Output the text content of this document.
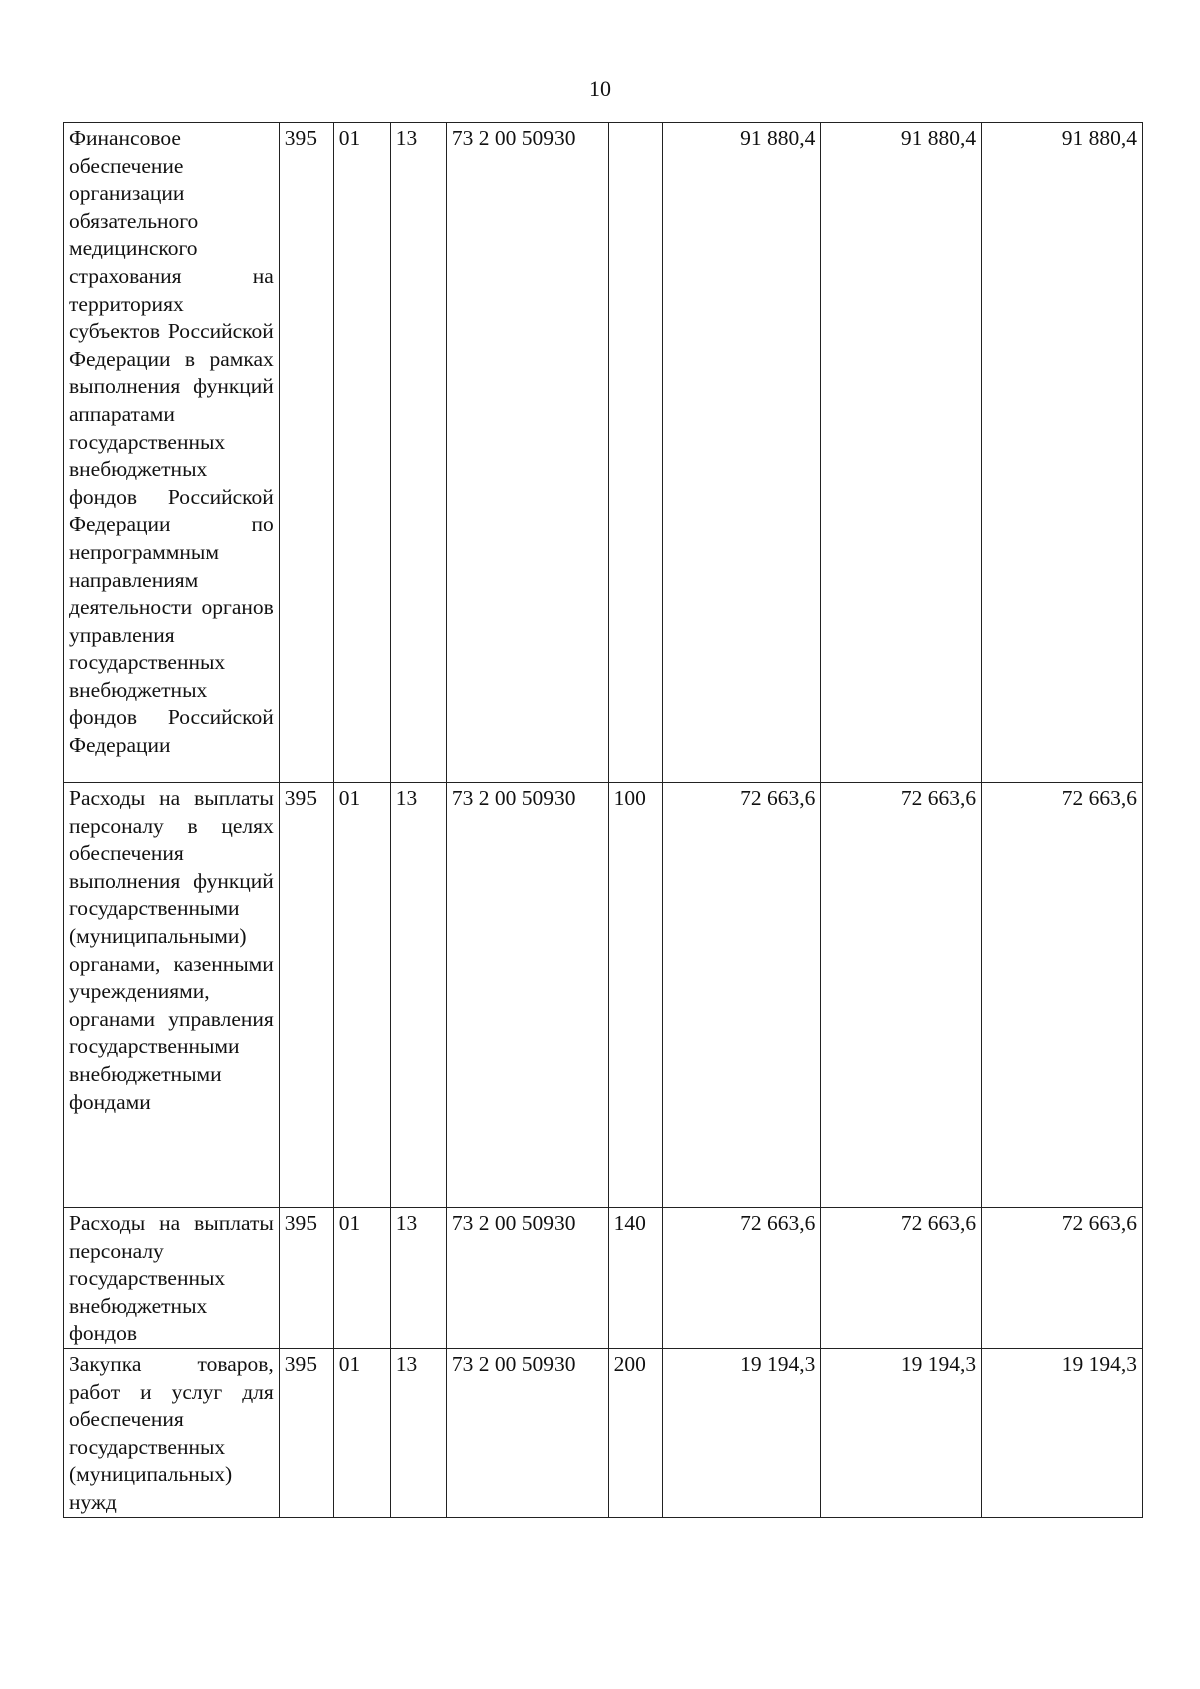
10
Финансовое обеспечение организации обязательного медицинского страхования на территориях субъектов Российской Федерации в рамках выполнения функций аппаратами государственных внебюджетных фондов Российской Федерации по непрограммным направлениям деятельности органов управления государственных внебюджетных фондов Российской Федерации	395	01	13	73 2 00 50930		91 880,4	91 880,4	91 880,4
Расходы на выплаты персоналу в целях обеспечения выполнения функций государственными (муниципальными) органами, казенными учреждениями, органами управления государственными внебюджетными фондами	395	01	13	73 2 00 50930	100	72 663,6	72 663,6	72 663,6
Расходы на выплаты персоналу государственных внебюджетных фондов	395	01	13	73 2 00 50930	140	72 663,6	72 663,6	72 663,6
Закупка товаров, работ и услуг для обеспечения государственных (муниципальных) нужд	395	01	13	73 2 00 50930	200	19 194,3	19 194,3	19 194,3
